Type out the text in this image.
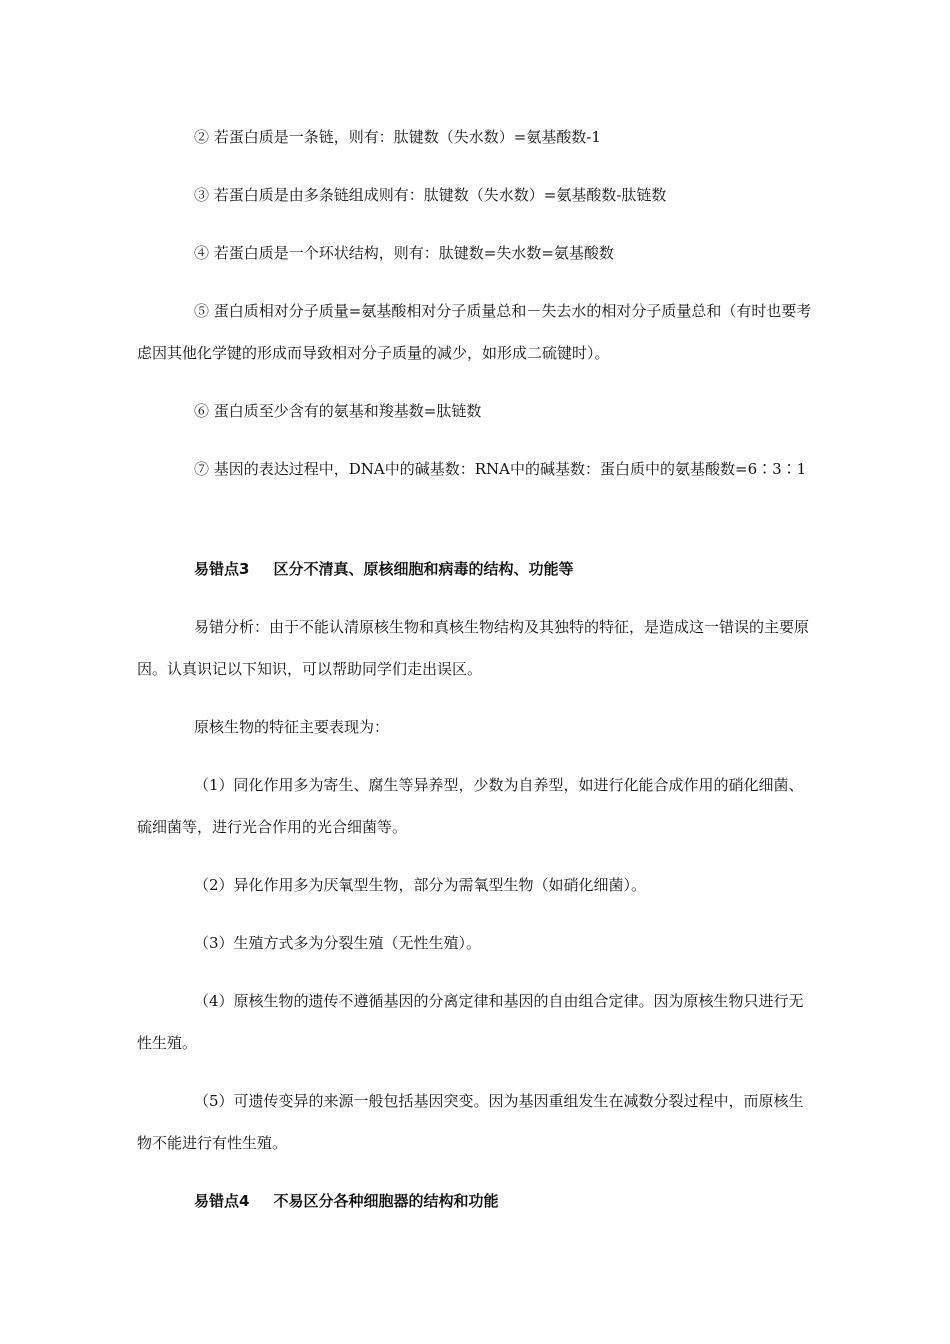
② 若蛋白质是一条链，则有：肽键数（失水数）=氨基酸数-1

③ 若蛋白质是由多条链组成则有：肽键数（失水数）=氨基酸数-肽链数

④ 若蛋白质是一个环状结构，则有：肽键数=失水数=氨基酸数

⑤ 蛋白质相对分子质量=氨基酸相对分子质量总和－失去水的相对分子质量总和（有时也要考虑因其他化学键的形成而导致相对分子质量的减少，如形成二硫键时）。

⑥ 蛋白质至少含有的氨基和羧基数=肽链数

⑦ 基因的表达过程中，DNA中的碱基数：RNA中的碱基数：蛋白质中的氨基酸数=6∶3∶1

易错点3 区分不清真、原核细胞和病毒的结构、功能等

易错分析：由于不能认清原核生物和真核生物结构及其独特的特征，是造成这一错误的主要原因。认真识记以下知识，可以帮助同学们走出误区。

原核生物的特征主要表现为：

（1）同化作用多为寄生、腐生等异养型，少数为自养型，如进行化能合成作用的硝化细菌、硫细菌等，进行光合作用的光合细菌等。

（2）异化作用多为厌氧型生物，部分为需氧型生物（如硝化细菌）。

（3）生殖方式多为分裂生殖（无性生殖）。

（4）原核生物的遗传不遵循基因的分离定律和基因的自由组合定律。因为原核生物只进行无性生殖。

（5）可遗传变异的来源一般包括基因突变。因为基因重组发生在减数分裂过程中，而原核生物不能进行有性生殖。

易错点4 不易区分各种细胞器的结构和功能
